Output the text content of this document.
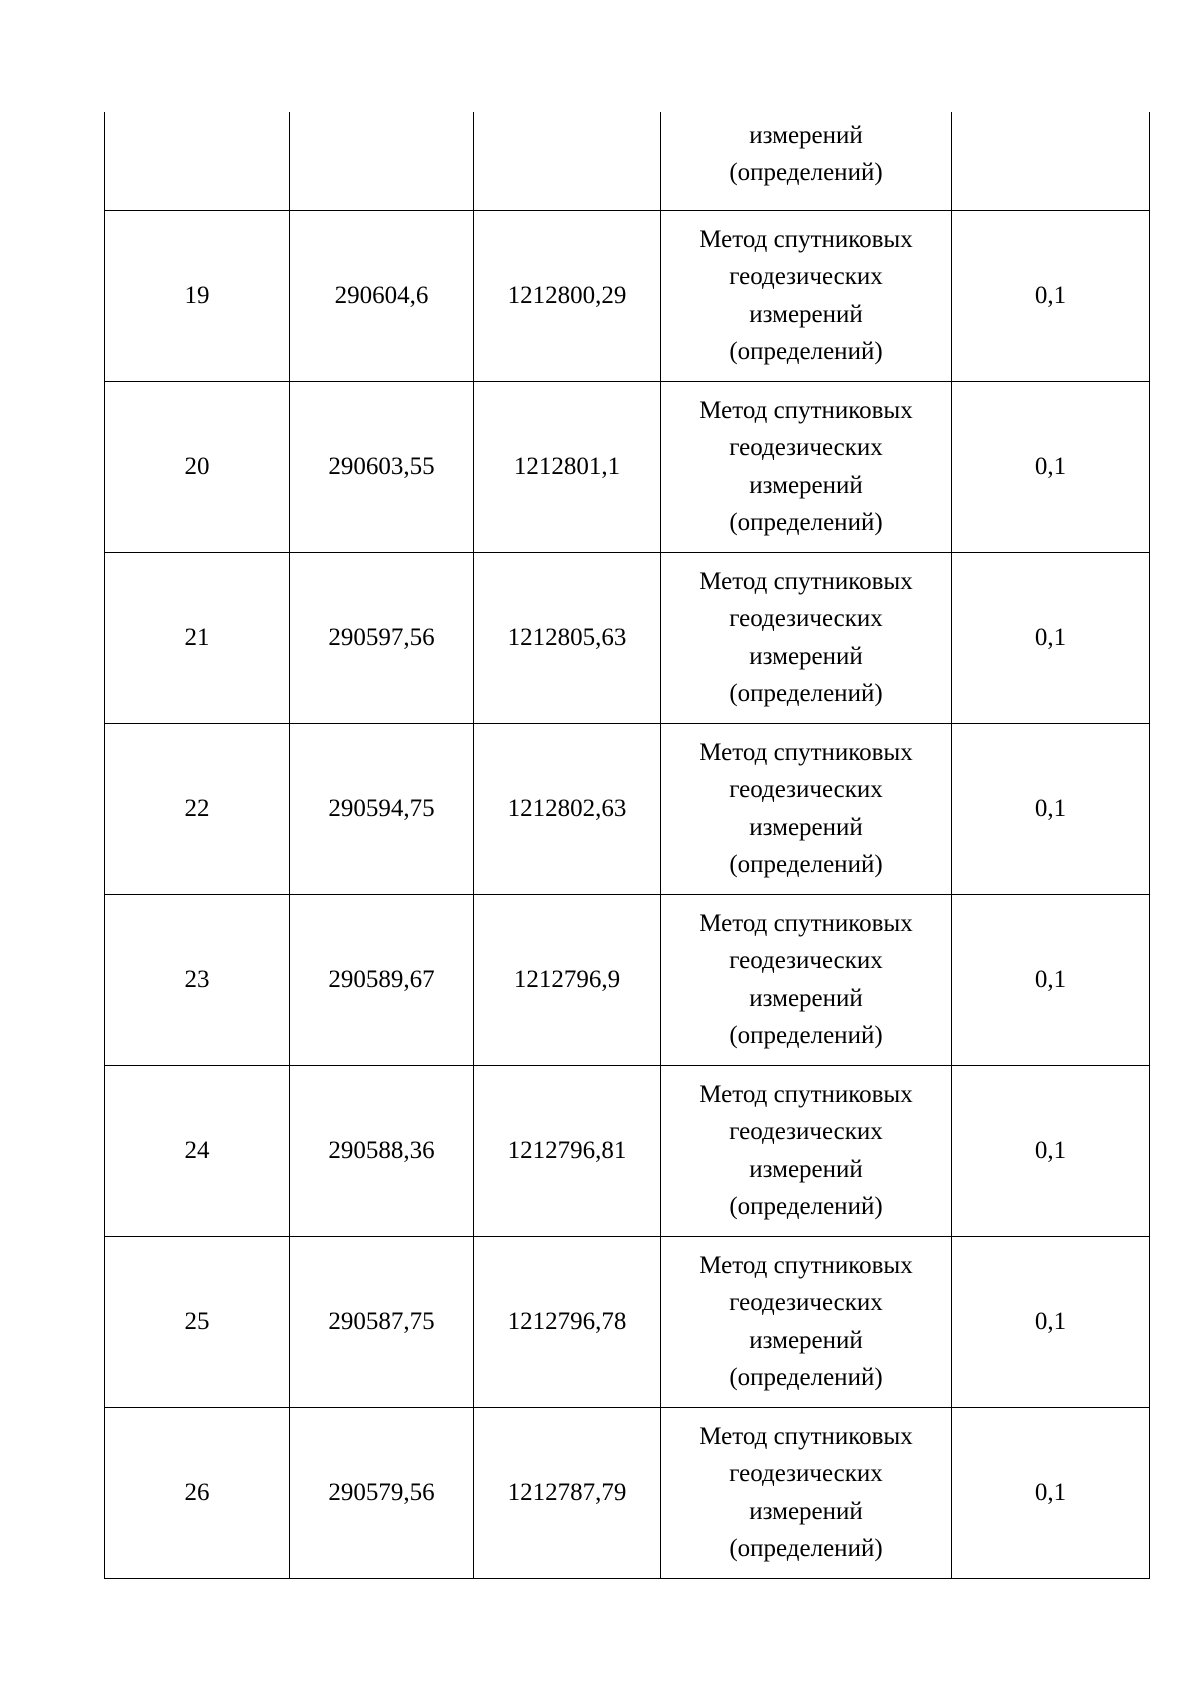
			измерений
(определений)	

19	290604,6	1212800,29	Метод спутниковых
геодезических
измерений
(определений)	0,1
20	290603,55	1212801,1	Метод спутниковых
геодезических
измерений
(определений)	0,1
21	290597,56	1212805,63	Метод спутниковых
геодезических
измерений
(определений)	0,1
22	290594,75	1212802,63	Метод спутниковых
геодезических
измерений
(определений)	0,1
23	290589,67	1212796,9	Метод спутниковых
геодезических
измерений
(определений)	0,1
24	290588,36	1212796,81	Метод спутниковых
геодезических
измерений
(определений)	0,1
25	290587,75	1212796,78	Метод спутниковых
геодезических
измерений
(определений)	0,1
26	290579,56	1212787,79	Метод спутниковых
геодезических
измерений
(определений)	0,1
